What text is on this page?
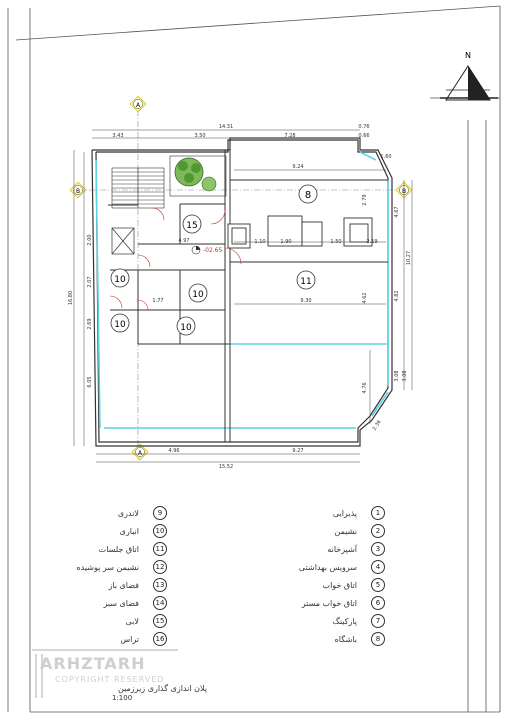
N
A
A
B	B
-02.65
8
11
15
10
10
10	10
14.31
3.43	3.50	7.28
0.76
0.66
1.60
15.52
4.96	9.27
9.24
9.30
4.97	1.10	1.90	1.50	2.19
1.77
16.80
2.00
2.07
2.69
6.05
10.27
4.67
4.82
3.08 3.08
2.36
4.76
4.62
2.79
پذیرایی	1
نشیمن	2
آشپزخانه	3
سرویس بهداشتی	4
اتاق خواب	5
اتاق خواب مستر	6
پارکینگ	7
باشگاه	8
لاندری	9
انباری	10
اتاق جلسات	11
نشیمن سر پوشیده	12
فضای باز	13
فضای سبز	14
لابی	15
تراس	16
ARHZTARH
COPYRIGHT RESERVED
پلان اندازی گذاری زیرزمین
1:100
